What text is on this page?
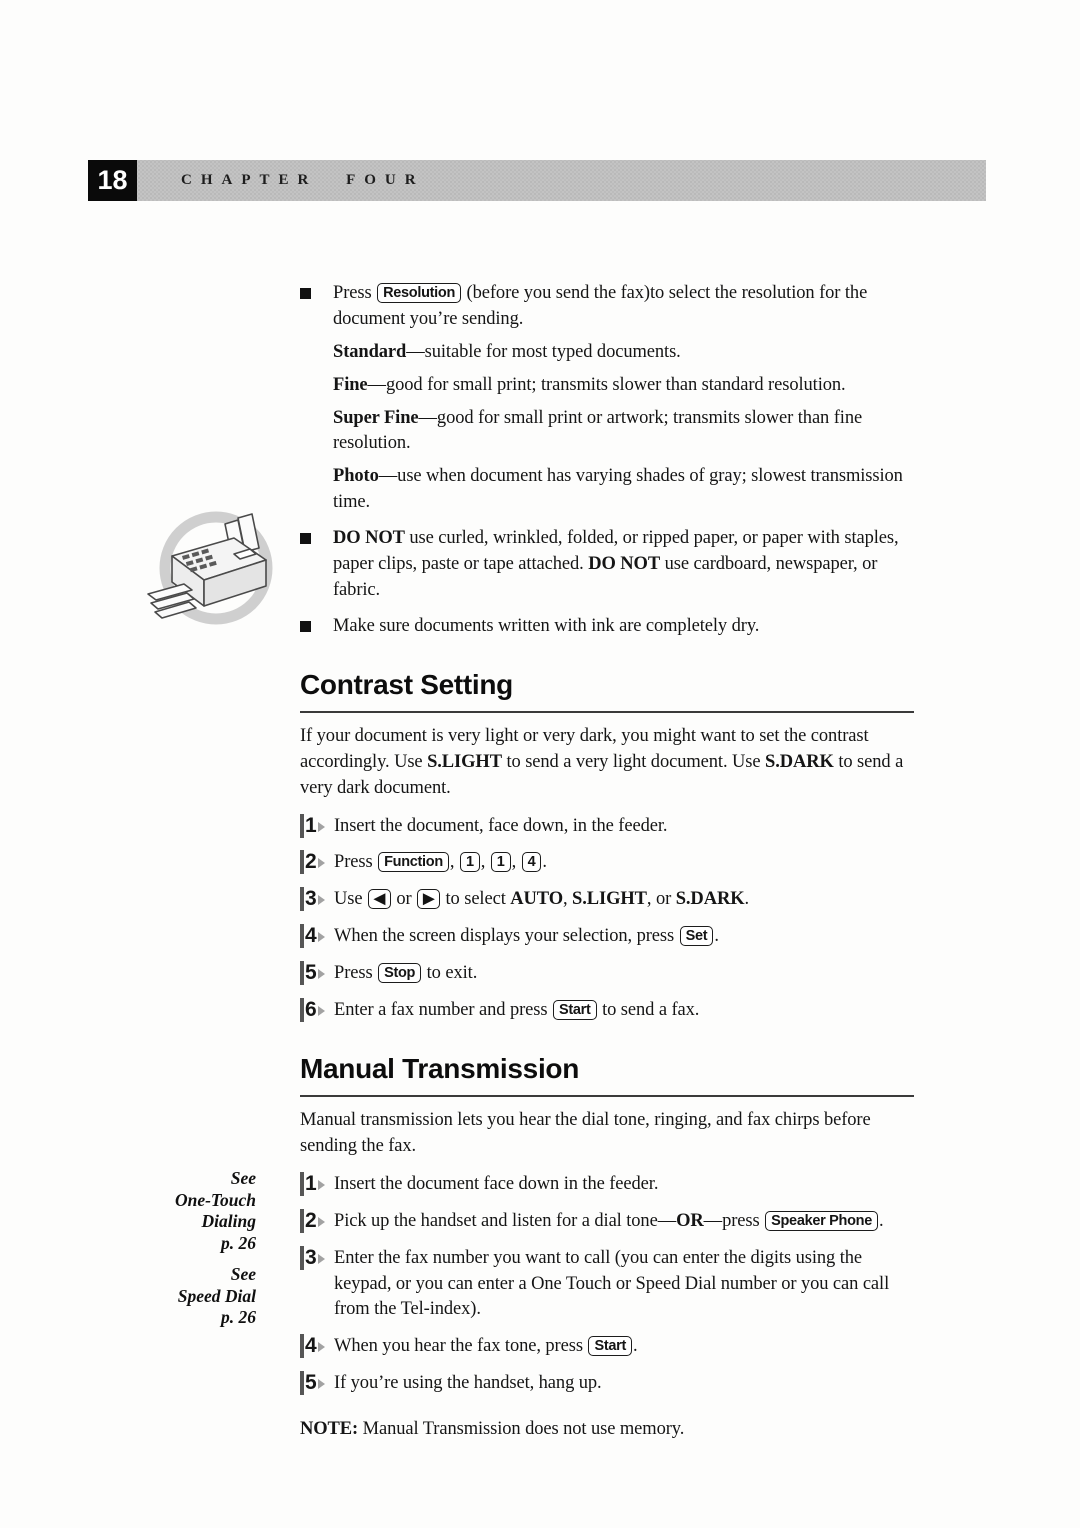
18	CHAPTER FOUR
See
One-Touch
Dialing
p. 26
See
Speed Dial
p. 26
Press Resolution (before you send the fax)to select the resolution for the document you’re sending.
Standard—suitable for most typed documents.
Fine—good for small print; transmits slower than standard resolution.
Super Fine—good for small print or artwork; transmits slower than fine resolution.
Photo—use when document has varying shades of gray; slowest transmission time.
DO NOT use curled, wrinkled, folded, or ripped paper, or paper with staples, paper clips, paste or tape attached. DO NOT use cardboard, newspaper, or fabric.
Make sure documents written with ink are completely dry.
Contrast Setting

If your document is very light or very dark, you might want to set the contrast accordingly. Use S.LIGHT to send a very light document. Use S.DARK to send a very dark document.

1 Insert the document, face down, in the feeder.
2 Press Function , 1 , 1 , 4 .
3 Use ◀ or ▶ to select AUTO, S.LIGHT, or S.DARK.
4 When the screen displays your selection, press Set .
5 Press Stop to exit.
6 Enter a fax number and press Start to send a fax.
Manual Transmission

Manual transmission lets you hear the dial tone, ringing, and fax chirps before sending the fax.

1 Insert the document face down in the feeder.
2 Pick up the handset and listen for a dial tone—OR—press Speaker Phone .
3 Enter the fax number you want to call (you can enter the digits using the keypad, or you can enter a One Touch or Speed Dial number or you can call from the Tel-index).
4 When you hear the fax tone, press Start .
5 If you’re using the handset, hang up.

NOTE: Manual Transmission does not use memory.
